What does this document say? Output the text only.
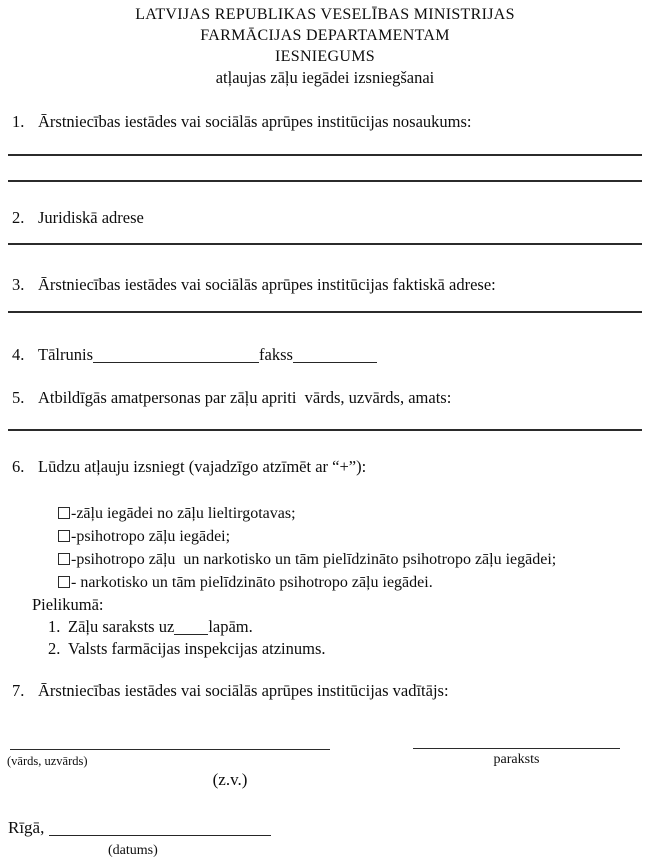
LATVIJAS REPUBLIKAS VESELĪBAS MINISTRIJAS
FARMĀCIJAS DEPARTAMENTAM
IESNIEGUMS
atļaujas zāļu iegādei izsniegšanai
1. Ārstniecības iestādes vai sociālās aprūpes institūcijas nosaukums:
2. Juridiskā adrese
3. Ārstniecības iestādes vai sociālās aprūpes institūcijas faktiskā adrese:
4. Tālrunis	fakss
5. Atbildīgās amatpersonas par zāļu apriti  vārds, uzvārds, amats:
6. Lūdzu atļauju izsniegt (vajadzīgo atzīmēt ar “+”):

-zāļu iegādei no zāļu lieltirgotavas;

-psihotropo zāļu iegādei;

-psihotropo zāļu  un narkotisko un tām pielīdzināto psihotropo zāļu iegādei;

- narkotisko un tām pielīdzināto psihotropo zāļu iegādei.

Pielikumā:
1. Zāļu saraksts uz lapām.
2. Valsts farmācijas inspekcijas atzinums.
7. Ārstniecības iestādes vai sociālās aprūpes institūcijas vadītājs:
(vārds, uzvārds)	paraksts
(z.v.)
Rīgā,
(datums)
